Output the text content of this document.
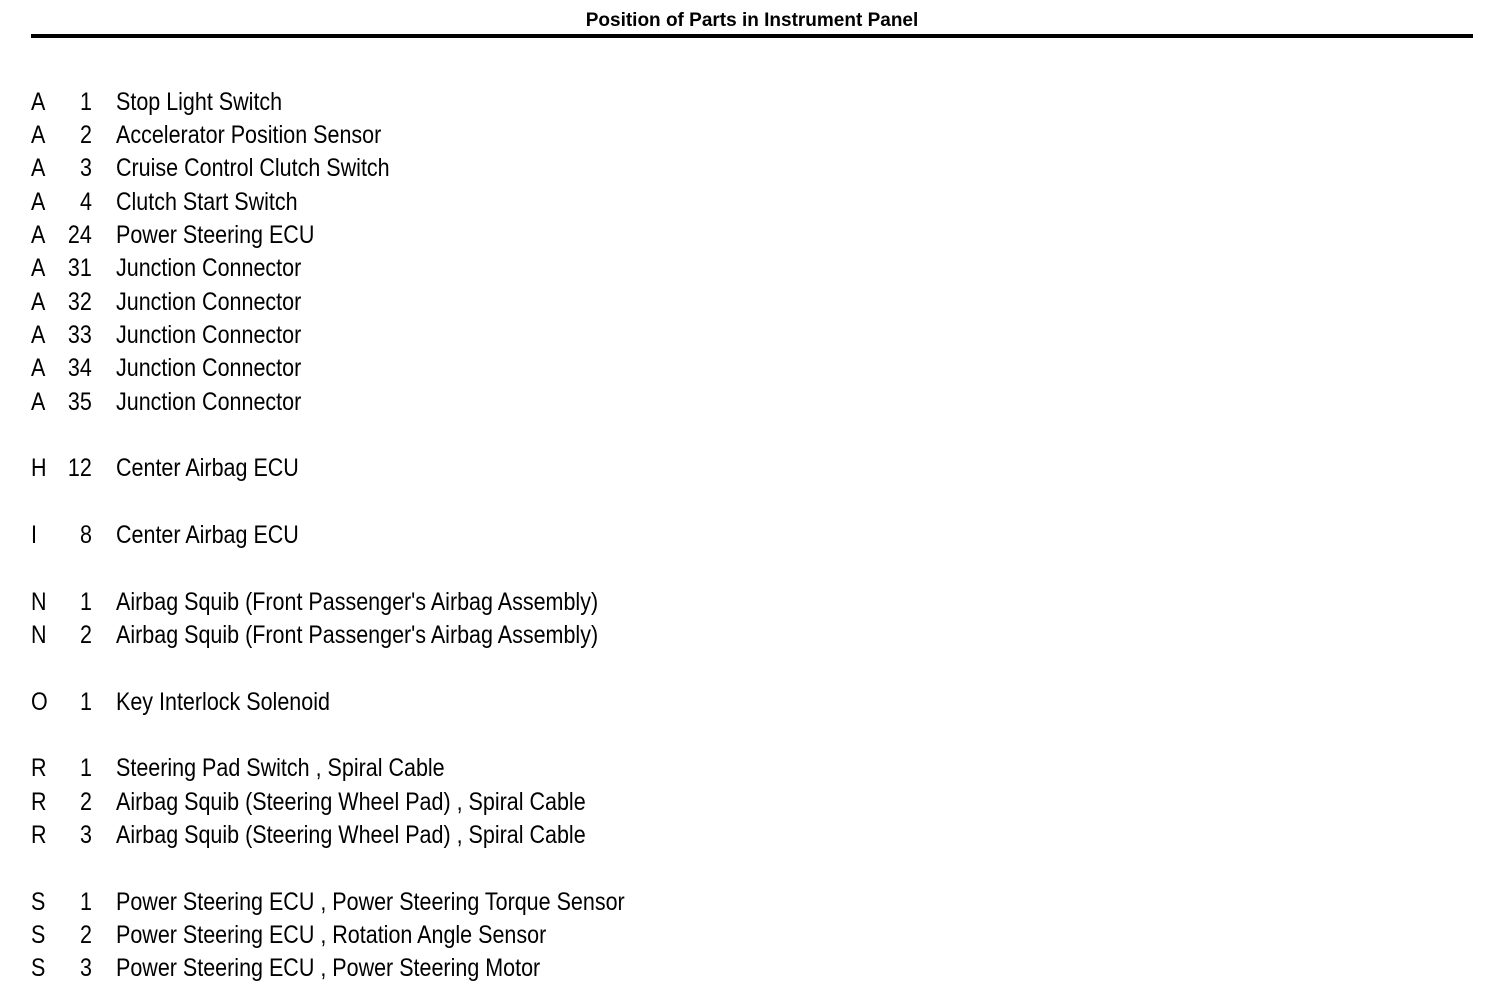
Position of Parts in Instrument Panel
A	1 Stop Light Switch
A	2 Accelerator Position Sensor
A	3 Cruise Control Clutch Switch
A	4 Clutch Start Switch
A 24 Power Steering ECU
A 31 Junction Connector
A 32 Junction Connector
A 33 Junction Connector
A 34 Junction Connector
A 35 Junction Connector
H 12 Center Airbag ECU
I	8 Center Airbag ECU
N	1 Airbag Squib (Front Passenger's Airbag Assembly)
N	2 Airbag Squib (Front Passenger's Airbag Assembly)
O	1 Key Interlock Solenoid
R	1 Steering Pad Switch , Spiral Cable
R	2 Airbag Squib (Steering Wheel Pad) , Spiral Cable
R	3 Airbag Squib (Steering Wheel Pad) , Spiral Cable
S	1 Power Steering ECU , Power Steering Torque Sensor
S	2 Power Steering ECU , Rotation Angle Sensor
S	3 Power Steering ECU , Power Steering Motor
